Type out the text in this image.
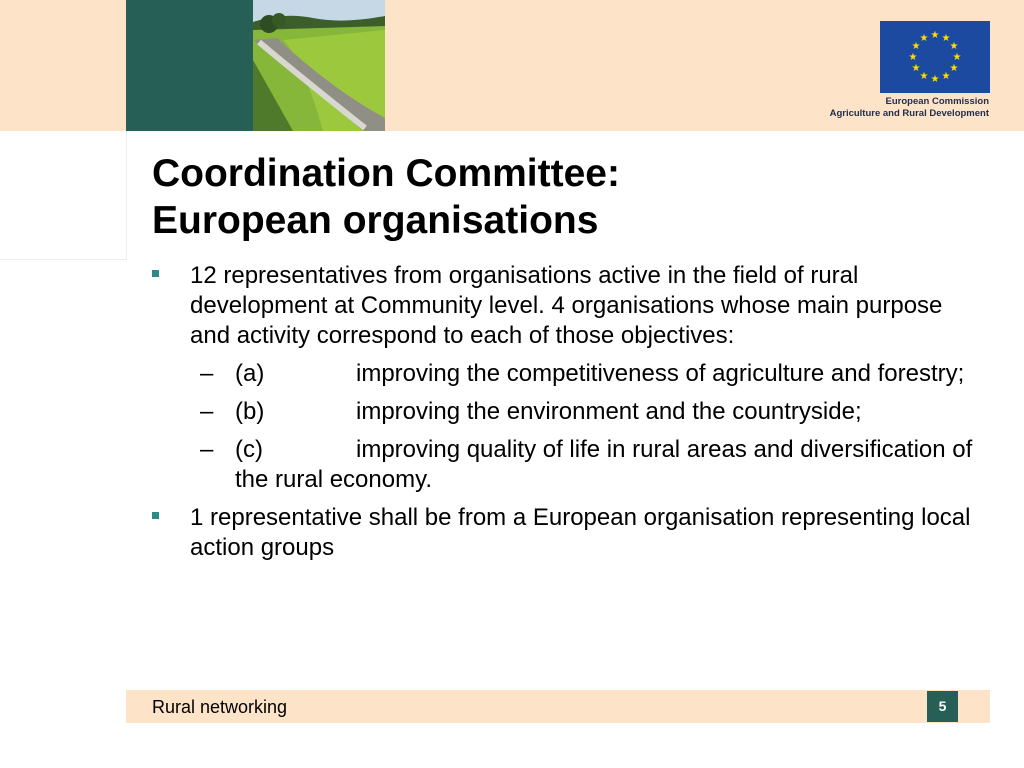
★ ★
★
★
★
★
★
★
★
★
★
★
European Commission
Agriculture and Rural Development
Coordination Committee:
European organisations
12 representatives from organisations active in the field of rural development at Community level. 4 organisations whose main purpose and activity correspond to each of those objectives:
– (a)	improving the competitiveness of agriculture and forestry;
– (b)	improving the environment and the countryside;
– (c)	improving quality of life in rural areas and diversification of the rural economy.
1 representative shall be from a European organisation representing local action groups
Rural networking	5
